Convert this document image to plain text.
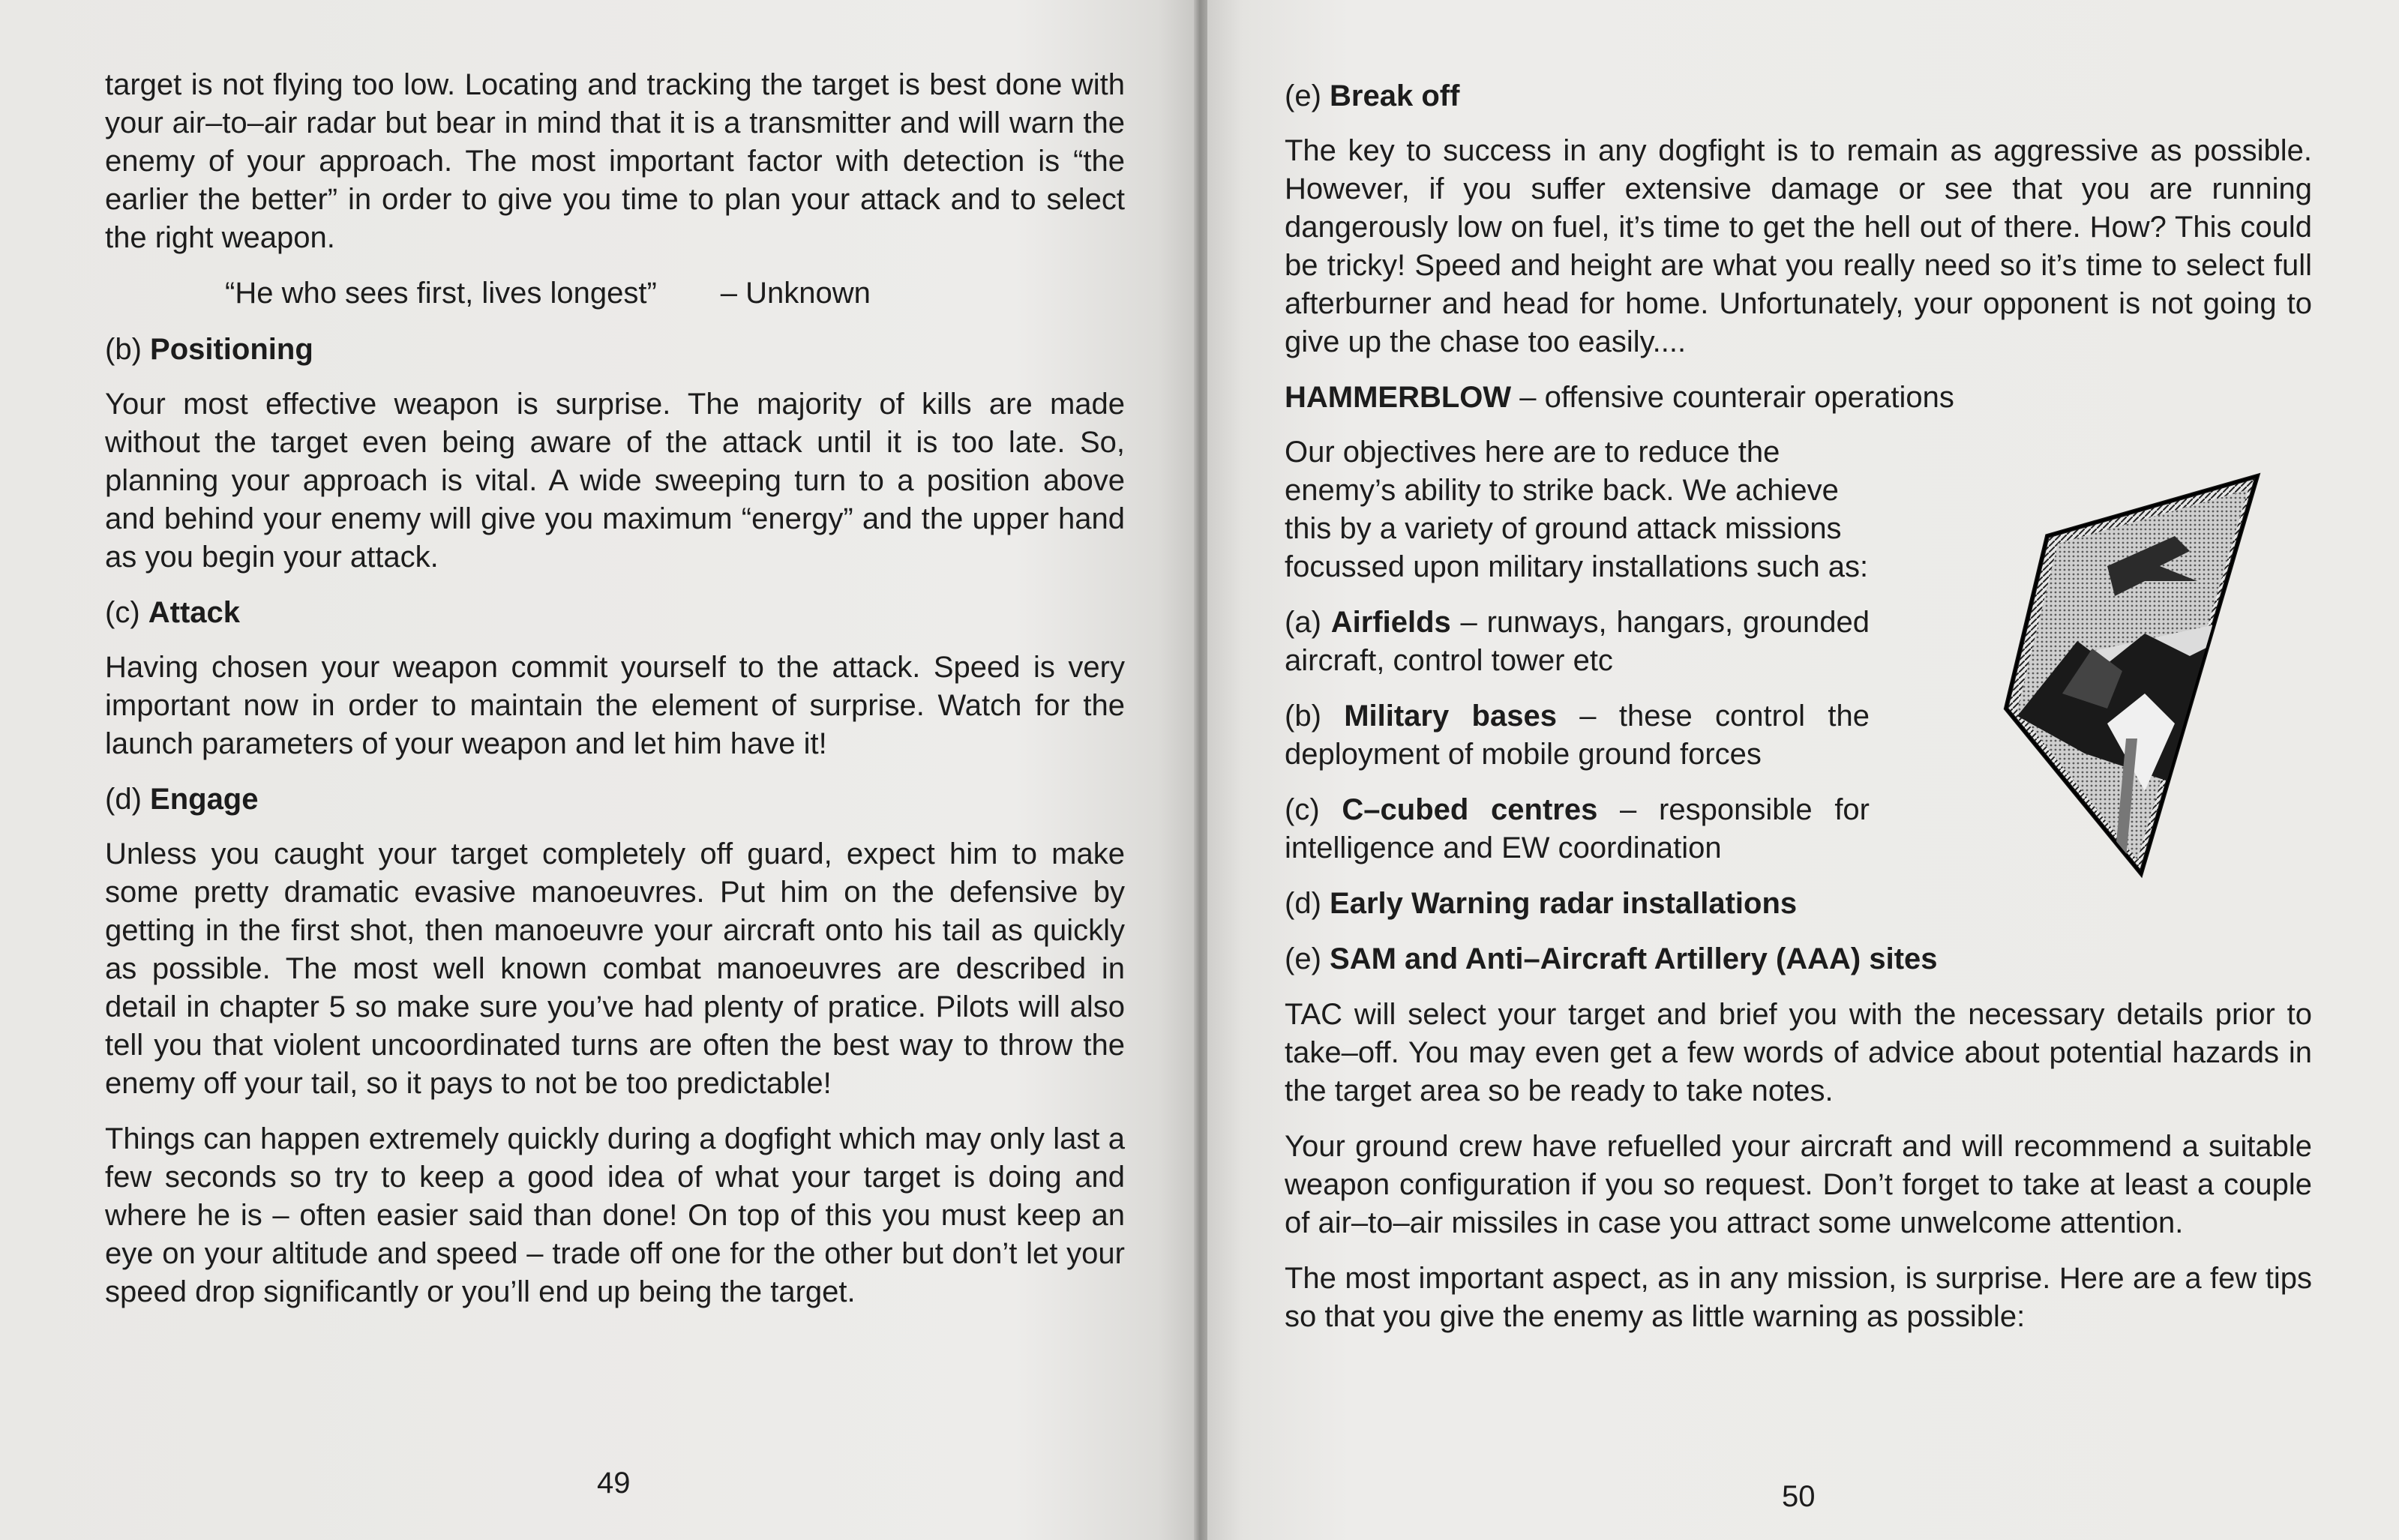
target is not flying too low. Locating and tracking the target is best done with your air–to–air radar but bear in mind that it is a transmitter and will warn the enemy of your approach. The most important factor with detection is “the earlier the better” in order to give you time to plan your attack and to select the right weapon.

“He who sees first, lives longest” – Unknown
(b) Positioning

Your most effective weapon is surprise. The majority of kills are made without the target even being aware of the attack until it is too late. So, planning your approach is vital. A wide sweeping turn to a position above and behind your enemy will give you maximum “energy” and the upper hand as you begin your attack.

(c) Attack

Having chosen your weapon commit yourself to the attack. Speed is very important now in order to maintain the element of surprise. Watch for the launch parameters of your weapon and let him have it!

(d) Engage

Unless you caught your target completely off guard, expect him to make some pretty dramatic evasive manoeuvres. Put him on the defensive by getting in the first shot, then manoeuvre your aircraft onto his tail as quickly as possible. The most well known combat manoeuvres are described in detail in chapter 5 so make sure you’ve had plenty of pratice. Pilots will also tell you that violent uncoordinated turns are often the best way to throw the enemy off your tail, so it pays to not be too predictable!

Things can happen extremely quickly during a dogfight which may only last a few seconds so try to keep a good idea of what your target is doing and where he is – often easier said than done! On top of this you must keep an eye on your altitude and speed – trade off one for the other but don’t let your speed drop significantly or you’ll end up being the target.

49	50
(e) Break off

The key to success in any dogfight is to remain as aggressive as possible. However, if you suffer extensive damage or see that you are running dangerously low on fuel, it’s time to get the hell out of there. How? This could be tricky! Speed and height are what you really need so it’s time to select full afterburner and head for home. Unfortunately, your opponent is not going to give up the chase too easily....

HAMMERBLOW – offensive counterair operations

Our objectives here are to reduce the enemy’s ability to strike back. We achieve this by a variety of ground attack missions focussed upon military installations such as:

(a) Airfields – runways, hangars, grounded aircraft, control tower etc

(b) Military bases – these control the deployment of mobile ground forces

(c) C–cubed centres – responsible for intelligence and EW coordination

(d) Early Warning radar installations

(e) SAM and Anti–Aircraft Artillery (AAA) sites

TAC will select your target and brief you with the necessary details prior to take–off. You may even get a few words of advice about potential hazards in the target area so be ready to take notes.

Your ground crew have refuelled your aircraft and will recommend a suitable weapon configuration if you so request. Don’t forget to take at least a couple of air–to–air missiles in case you attract some unwelcome attention.

The most important aspect, as in any mission, is surprise. Here are a few tips so that you give the enemy as little warning as possible:
